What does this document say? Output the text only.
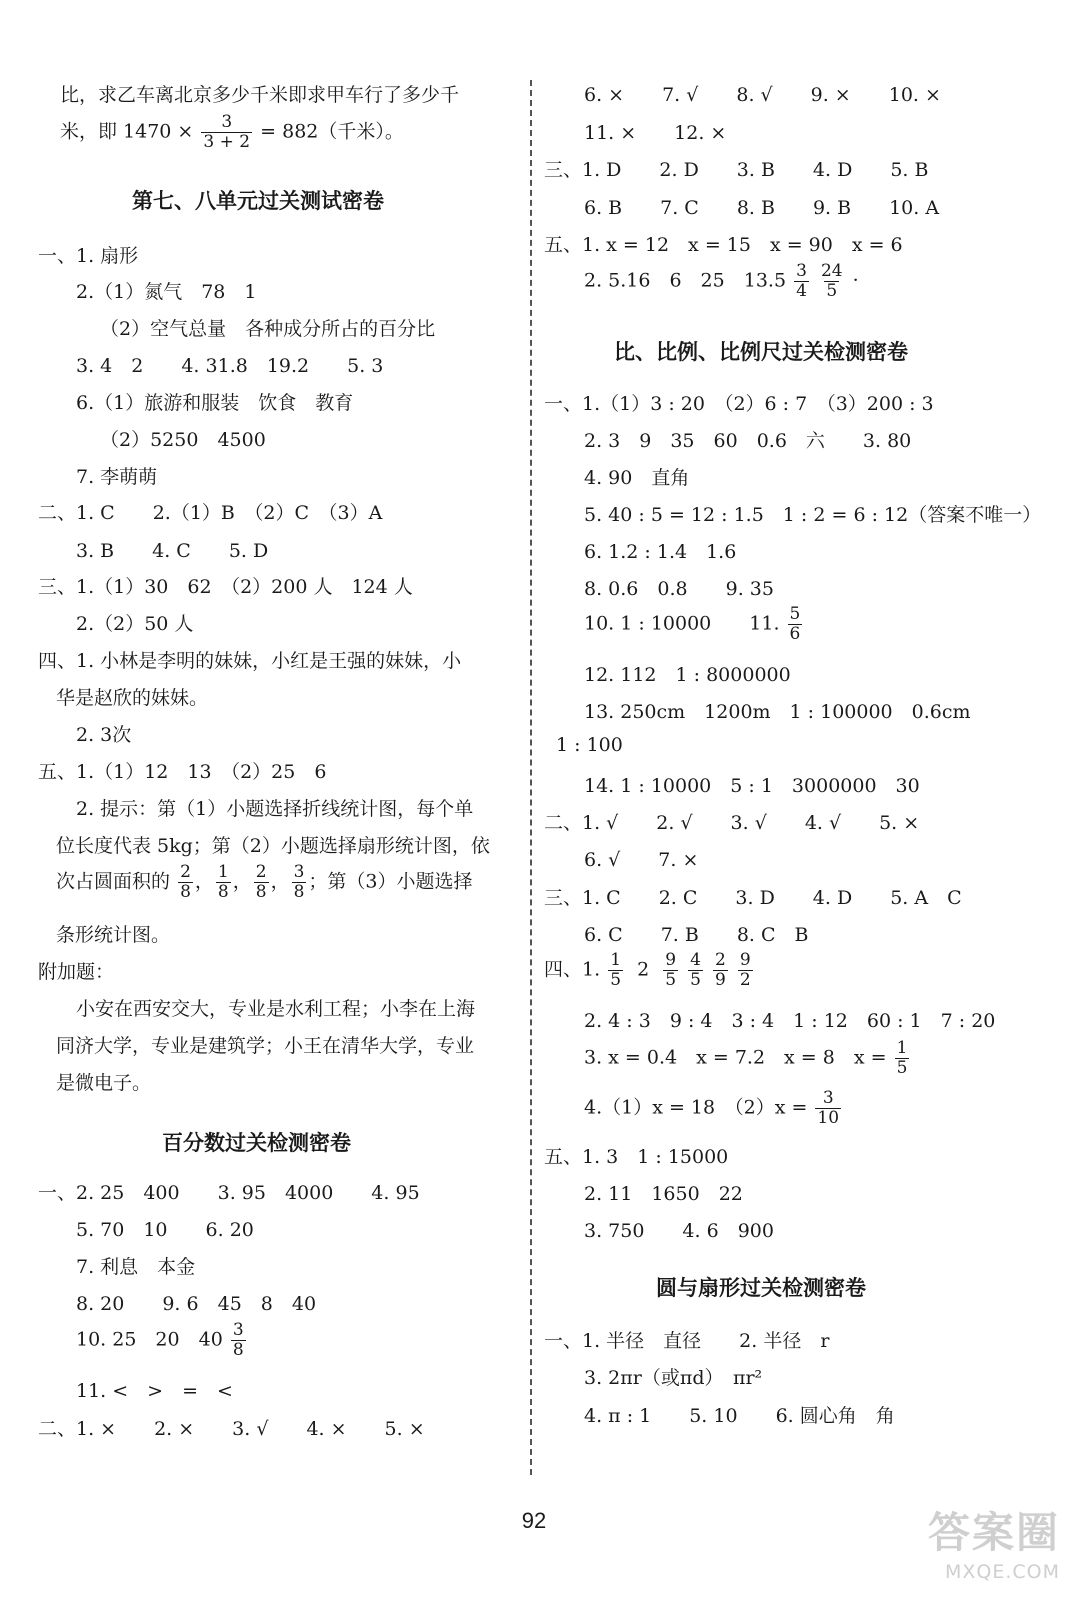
比，求乙车离北京多少千米即求甲车行了多少千
米，即 $1470 \times \frac{3}{3 + 2} = 882$（千米）。
第七、八单元过关测试密卷
一、1. 扇形
2.（1）氮气　78　1
（2）空气总量　各种成分所占的百分比
3. 4　2　　4. 31.8　19.2　　5. 3
6.（1）旅游和服装　饮食　教育
（2）5250　4500
7. 李萌萌
二、1. C　　2.（1）B　（2）C　（3）A
3. B　　4. C　　5. D
三、1.（1）30　62　（2）200 人　124 人
2.（2）50 人
四、1. 小林是李明的妹妹，小红是王强的妹妹，小
华是赵欣的妹妹。
2. 3次
五、1.（1）12　13　（2）25　6
2. 提示：第（1）小题选择折线统计图，每个单
位长度代表 5kg；第（2）小题选择扇形统计图，依
次占圆面积的 $\frac{2}{8}$ ， $\frac{1}{8}$ ， $\frac{2}{8}$ ， $\frac{3}{8}$ ；第（3）小题选择
条形统计图。
附加题：
小安在西安交大，专业是水利工程；小李在上海
同济大学，专业是建筑学；小王在清华大学，专业
是微电子。
百分数过关检测密卷
一、2. 25　400　　3. 95　4000　　4. 95
5. 70　10　　6. 20
7. 利息　本金
8. 20　　9. 6　45　8　40
10. 25　20　$40 \frac{3}{8}$
11. <　>　=　<
二、1. ×　　2. ×　　3. √　　4. ×　　5. ×
6. ×　　7. √　　8. √　　9. ×　　10. ×
11. ×　　12. ×
三、1. D　　2. D　　3. B　　4. D　　5. B
6. B　　7. C　　8. B　　9. B　　10. A
五、1. x = 12　x = 15　x = 90　x = 6
2. 5.16　6　25　$13.5 \frac{3}{4}$
$\frac{24}{5}$ ·
比、比例、比例尺过关检测密卷
一、1.（1）3 : 20　（2）6 : 7　（3）200 : 3
2. 3　9　35　60　0.6　六　　3. 80
4. 90　直角
5. 40 : 5 = 12 : 1.5　1 : 2 = 6 : 12（答案不唯一）
6. 1.2 : 1.4　1.6
8. 0.6　0.8　　9. 35
10. 1 : 10000　　11. $\frac{5}{6}$
12. 112　1 : 8000000
13. 250cm　1200m　1 : 100000　0.6cm
1 : 100
14. 1 : 10000　5 : 1　3000000　30
二、1. √　　2. √　　3. √　　4. √　　5. ×
6. √　　7. ×
三、1. C　　2. C　　3. D　　4. D　　5. A　C
6. C　　7. B　　8. C　B
四、1. $\frac{1}{5} 2 \frac{9}{5}$
$\frac{4}{5}$
$\frac{2}{9}$
$\frac{9}{2}$
2. 4 : 3　9 : 4　3 : 4　1 : 12　60 : 1　7 : 20
3. x = 0.4　x = 7.2　x = 8　$x = \frac{1}{5}$
4.（1）x = 18　$(2)x = \frac{3}{10}$
五、1. 3　1 : 15000
2. 11　1650　22
3. 750　　4. 6　900
圆与扇形过关检测密卷
一、1. 半径　直径　　2. 半径　r
3. 2πr（或πd）　πr²
4. π : 1　　5. 10　　6. 圆心角　角
92	答案圈
MXQE.COM
